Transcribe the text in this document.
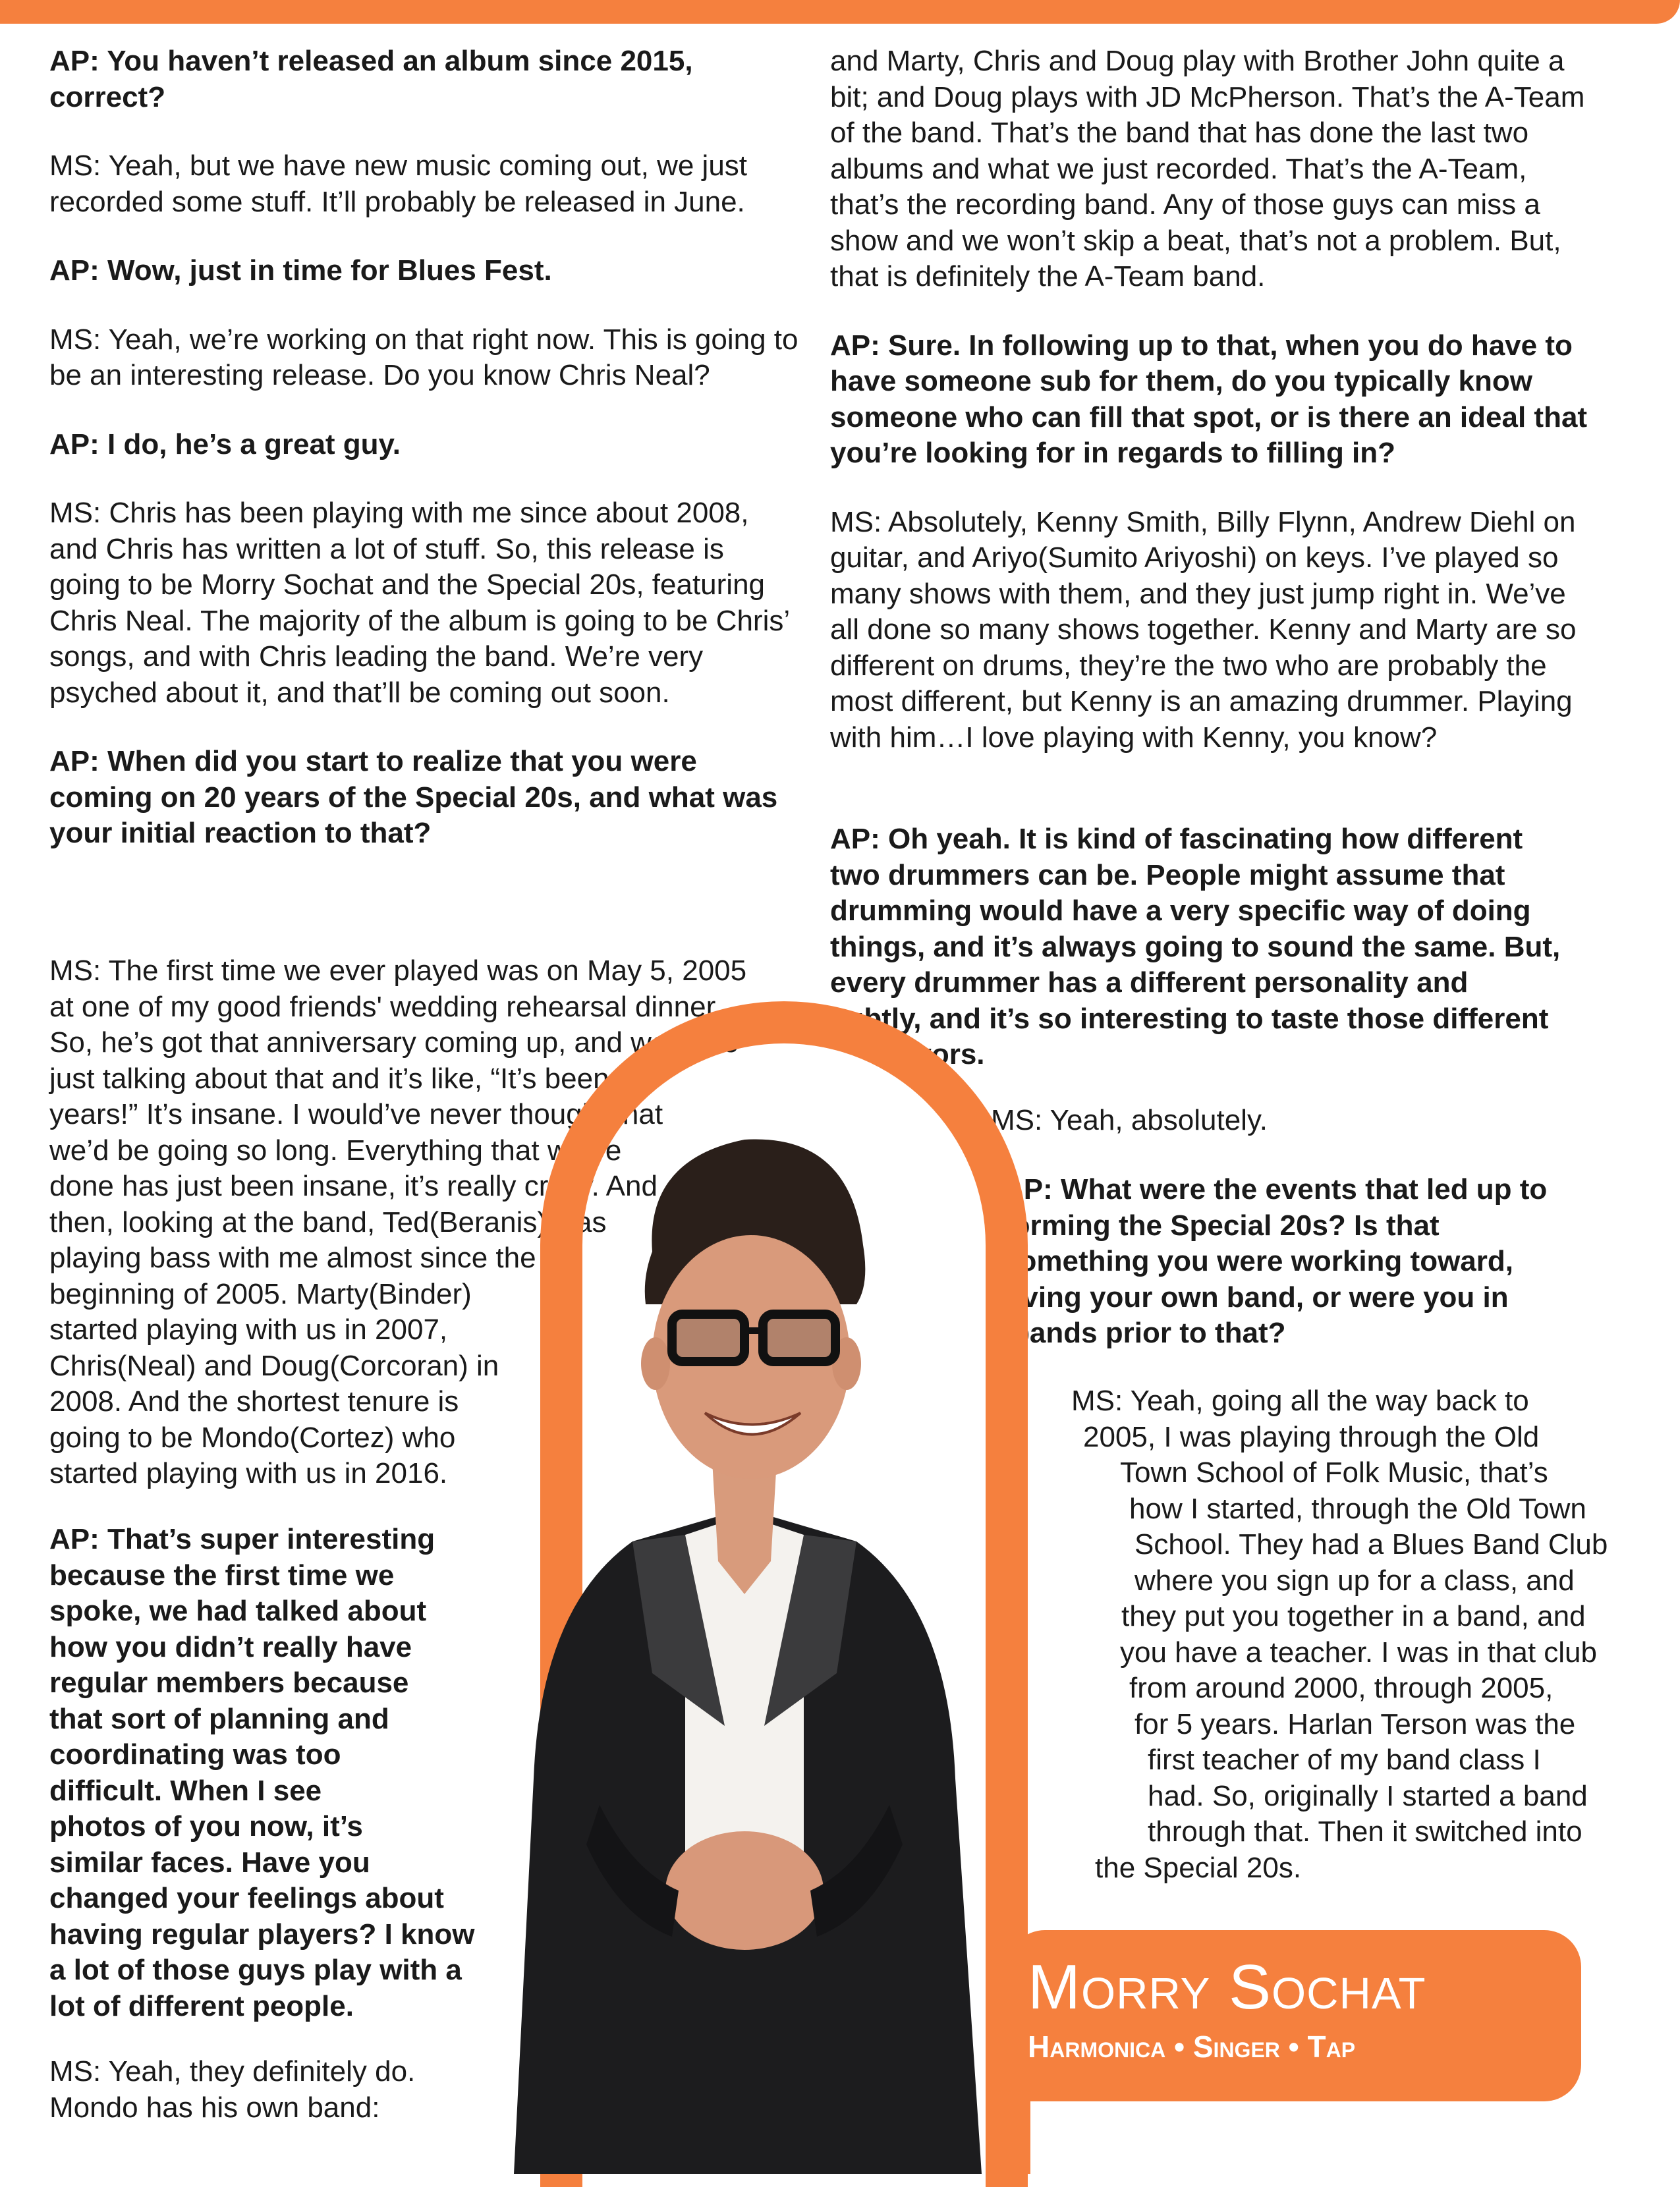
AP: You haven’t released an album since 2015, correct?

MS: Yeah, but we have new music coming out, we just recorded some stuff. It’ll probably be released in June.

AP: Wow, just in time for Blues Fest.

MS: Yeah, we’re working on that right now. This is going to be an interesting release. Do you know Chris Neal?

AP: I do, he’s a great guy.

MS: Chris has been playing with me since about 2008, and Chris has written a lot of stuff. So, this release is going to be Morry Sochat and the Special 20s, featuring Chris Neal. The majority of the album is going to be Chris’ songs, and with Chris leading the band. We’re very psyched about it, and that’ll be coming out soon.

AP: When did you start to realize that you were coming on 20 years of the Special 20s, and what was your initial reaction to that?

MS: The first time we ever played was on May 5, 2005
at one of my good friends' wedding rehearsal dinner.
So, he’s got that anniversary coming up, and we were
just talking about that and it’s like, “It’s been 20
years!” It’s insane. I would’ve never thought that
we’d be going so long. Everything that we’ve
done has just been insane, it’s really crazy. And
then, looking at the band, Ted(Beranis) was
playing bass with me almost since the
beginning of 2005. Marty(Binder)
started playing with us in 2007,
Chris(Neal) and Doug(Corcoran) in
2008. And the shortest tenure is
going to be Mondo(Cortez) who
started playing with us in 2016.
AP: That’s super interesting
because the first time we
spoke, we had talked about
how you didn’t really have
regular members because
that sort of planning and
coordinating was too
difficult. When I see
photos of you now, it’s
similar faces. Have you
changed your feelings about
having regular players? I know
a lot of those guys play with a
lot of different people.
MS: Yeah, they definitely do.
Mondo has his own band:

and Marty, Chris and Doug play with Brother John quite a bit; and Doug plays with JD McPherson. That’s the A-Team of the band. That’s the band that has done the last two albums and what we just recorded. That’s the A-Team, that’s the recording band. Any of those guys can miss a show and we won’t skip a beat, that’s not a problem. But, that is definitely the A-Team band.

AP: Sure. In following up to that, when you do have to have someone sub for them, do you typically know someone who can fill that spot, or is there an ideal that you’re looking for in regards to filling in?

MS: Absolutely, Kenny Smith, Billy Flynn, Andrew Diehl on guitar, and Ariyo(Sumito Ariyoshi) on keys. I’ve played so many shows with them, and they just jump right in. We’ve all done so many shows together. Kenny and Marty are so different on drums, they’re the two who are probably the most different, but Kenny is an amazing drummer. Playing with him…I love playing with Kenny, you know?

AP: Oh yeah. It is kind of fascinating how different
two drummers can be. People might assume that
drumming would have a very specific way of doing
things, and it’s always going to sound the same. But,
every drummer has a different personality and
subtly, and it’s so interesting to taste those different
flavors.
MS: Yeah, absolutely.
AP: What were the events that led up to
forming the Special 20s? Is that
something you were working toward,
having your own band, or were you in
bands prior to that?
MS: Yeah, going all the way back to
2005, I was playing through the Old
Town School of Folk Music, that’s
how I started, through the Old Town
School. They had a Blues Band Club
where you sign up for a class, and
they put you together in a band, and
you have a teacher. I was in that club
from around 2000, through 2005,
for 5 years. Harlan Terson was the
first teacher of my band class I
had. So, originally I started a band
through that. Then it switched into
the Special 20s.
Morry Sochat
Harmonica • Singer • Tap
